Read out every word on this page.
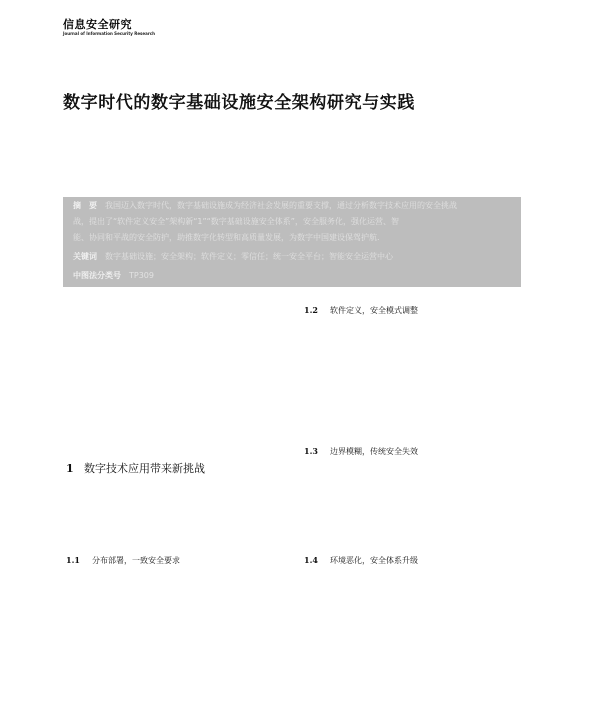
信息安全研究
Journal of Information Security Research
数字时代的数字基础设施安全架构研究与实践
摘　要 我国迈入数字时代，数字基础设施成为经济社会发展的重要支撑，通过分析数字技术应用的安全挑战
战，提出了“软件定义安全”架构新“1”“数字基础设施安全体系”，安全服务化，强化运营、智
能、协同和平战的安全防护，助推数字化转型和高质量发展，为数字中国建设保驾护航.
关键词 数字基础设施；安全架构；软件定义；零信任；统一安全平台；智能安全运营中心
中图法分类号 TP309
1.2 软件定义，安全模式调整
1.3 边界模糊，传统安全失效
1 数字技术应用带来新挑战
1.1 分布部署，一致安全要求	1.4 环境恶化，安全体系升级
